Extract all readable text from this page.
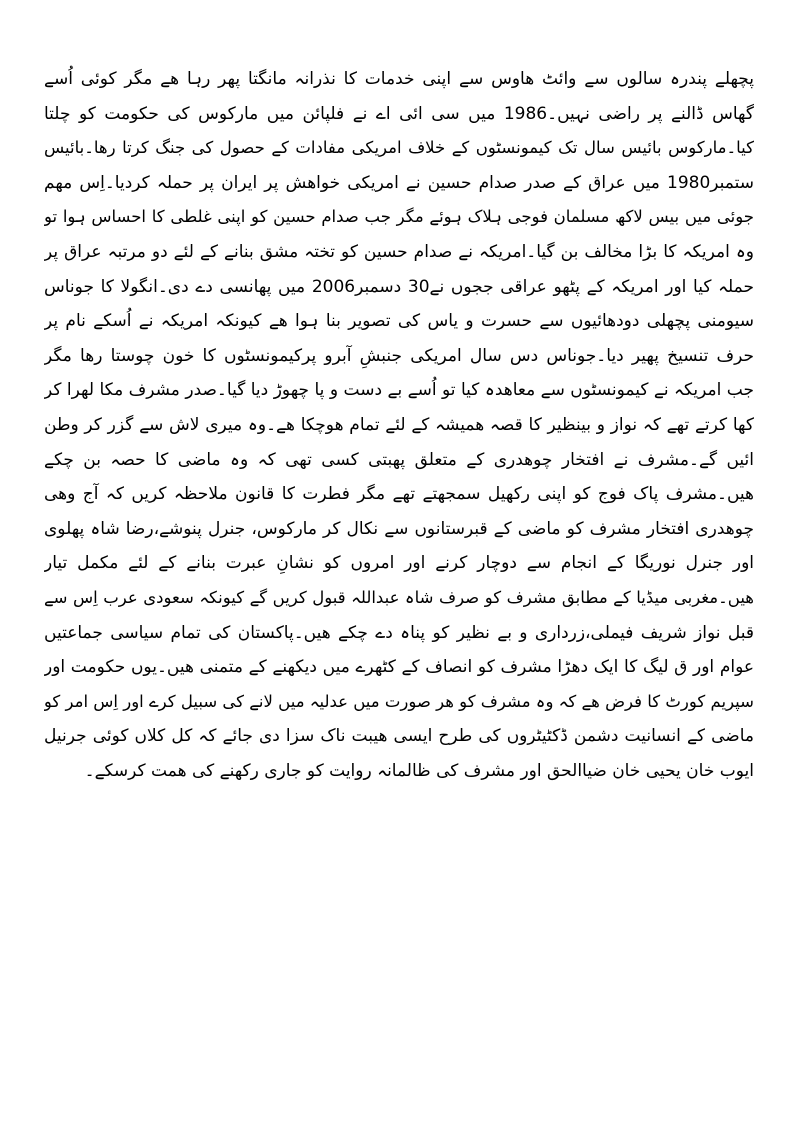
پچھلے پندرہ سالوں سے وائٹ ھاوس سے اپنی خدمات کا نذرانہ مانگتا پھر رہا ھے مگر کوئی اُسے
گھاس ڈالنے پر راضی نہیں۔1986 میں سی ائی اے نے فلپائن میں مارکوس کی حکومت کو چلتا
کیا۔مارکوس بائیس سال تک کیمونسٹوں کے خلاف امریکی مفادات کے حصول کی جنگ کرتا رھا۔بائیس
ستمبر1980 میں عراق کے صدر صدام حسین نے امریکی خواھش پر ایران پر حملہ کردیا۔اِس مھم
جوئی میں بیس لاکھ مسلمان فوجی ہلاک ہوئے مگر جب صدام حسین کو اپنی غلطی کا احساس ہوا تو
وہ امریکہ کا بڑا مخالف بن گیا۔امریکہ نے صدام حسین کو تختہ مشق بنانے کے لئے دو مرتبہ عراق پر
حملہ کیا اور امریکہ کے پٹھو عراقی ججوں نے30 دسمبر2006 میں پھانسی دے دی۔انگولا کا جوناس
سیومنی پچھلی دودھائیوں سے حسرت و یاس کی تصویر بنا ہوا ھے کیونکہ امریکہ نے اُسکے نام پر
حرف تنسیخ پھیر دیا۔جوناس دس سال امریکی جنبشِ آبرو پرکیمونسٹوں کا خون چوستا رھا مگر
جب امریکہ نے کیمونسٹوں سے معاھدہ کیا تو اُسے بے دست و پا چھوڑ دیا گیا۔صدر مشرف مکا لھرا کر
کھا کرتے تھے کہ نواز و بینظیر کا قصہ ھمیشہ کے لئے تمام ھوچکا ھے۔وہ میری لاش سے گزر کر وطن
ائیں گے۔مشرف نے افتخار چوھدری کے متعلق پھبتی کسی تھی کہ وہ ماضی کا حصہ بن چکے
ھیں۔مشرف پاک فوج کو اپنی رکھیل سمجھتے تھے مگر فطرت کا قانون ملاحظہ کریں کہ آج وھی
چوھدری افتخار مشرف کو ماضی کے قبرستانوں سے نکال کر مارکوس، جنرل پنوشے،رضا شاہ پھلوی
اور جنرل نوریگا کے انجام سے دوچار کرنے اور امروں کو نشانِ عبرت بنانے کے لئے مکمل تیار
ھیں۔مغربی میڈیا کے مطابق مشرف کو صرف شاہ عبداللہ قبول کریں گے کیونکہ سعودی عرب اِس سے
قبل نواز شریف فیملی،زرداری و بے نظیر کو پناہ دے چکے ھیں۔پاکستان کی تمام سیاسی جماعتیں
عوام اور ق لیگ کا ایک دھڑا مشرف کو انصاف کے کٹھرے میں دیکھنے کے متمنی ھیں۔یوں حکومت اور
سپریم کورٹ کا فرض ھے کہ وہ مشرف کو ھر صورت میں عدلیہ میں لانے کی سبیل کرے اور اِس امر کو
ماضی کے انسانیت دشمن ڈکٹیٹروں کی طرح ایسی ھیبت ناک سزا دی جائے کہ کل کلاں کوئی جرنیل
ایوب خان یحیی خان ضیاالحق اور مشرف کی ظالمانہ روایت کو جاری رکھنے کی ھمت کرسکے۔
